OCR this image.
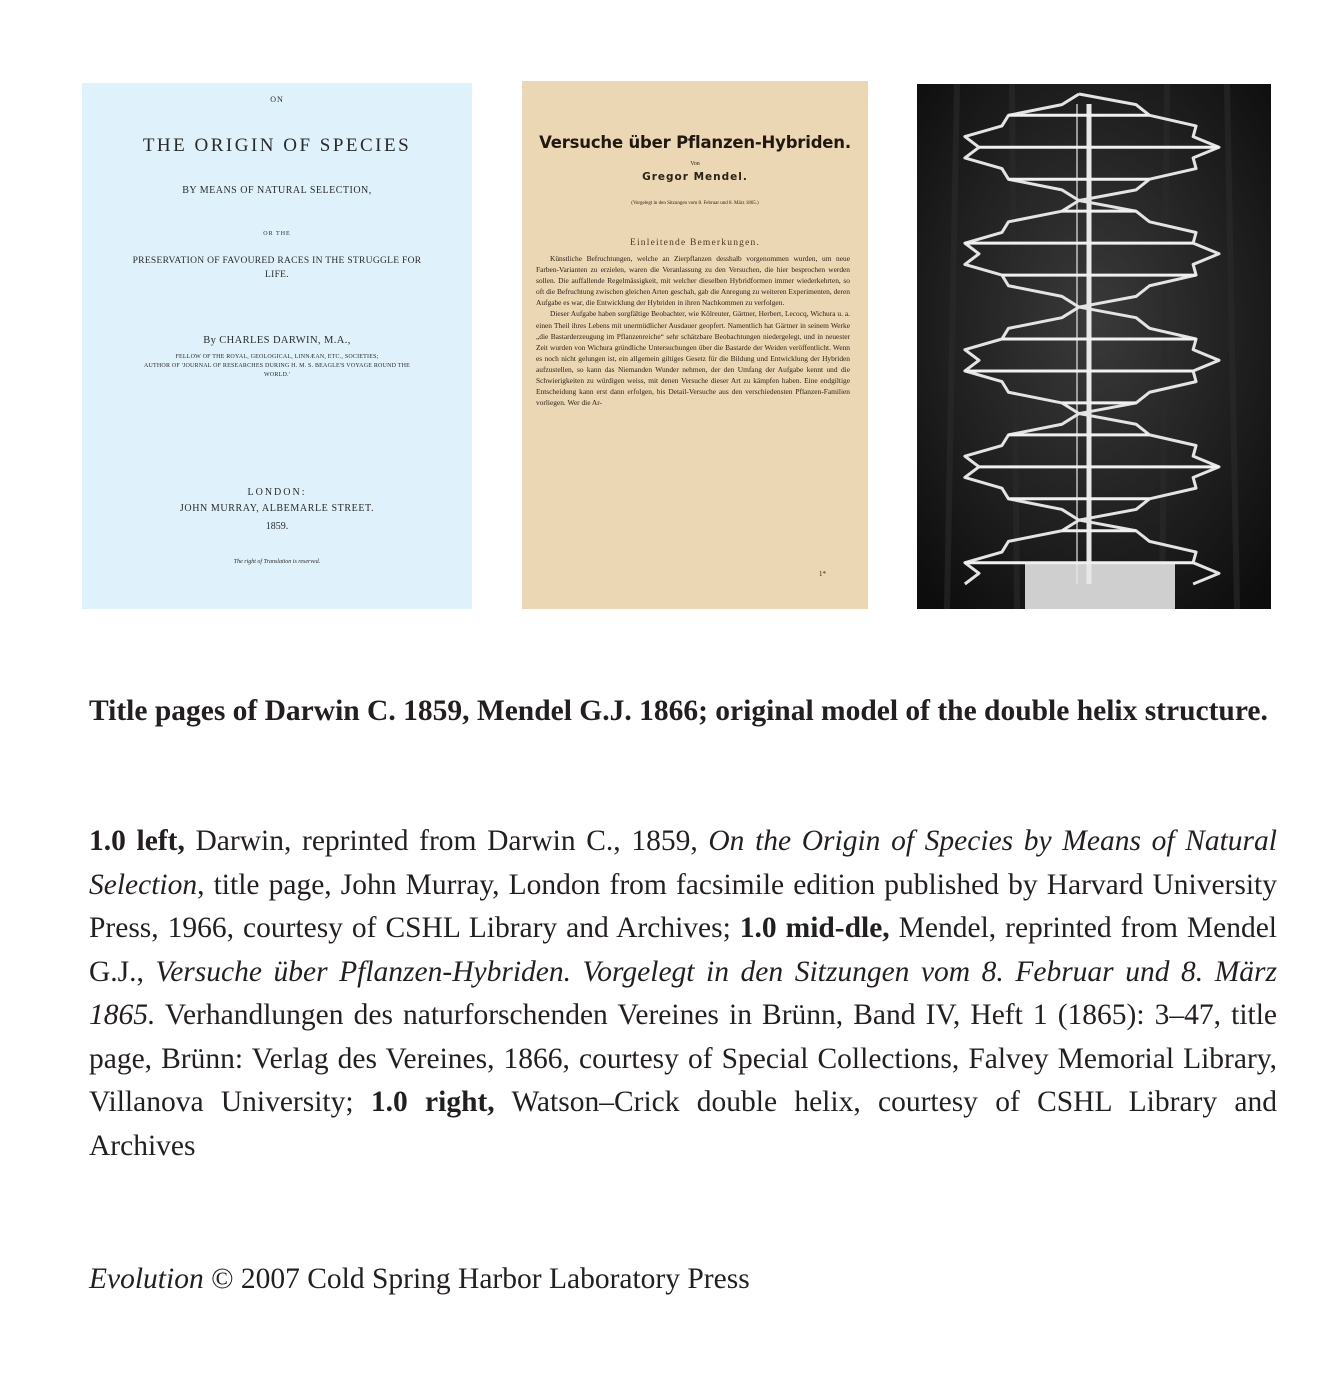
ON
THE ORIGIN OF SPECIES
BY MEANS OF NATURAL SELECTION,
OR THE
PRESERVATION OF FAVOURED RACES IN THE STRUGGLE FOR LIFE.
By CHARLES DARWIN, M.A.,
FELLOW OF THE ROYAL, GEOLOGICAL, LINNÆAN, ETC., SOCIETIES;
AUTHOR OF 'JOURNAL OF RESEARCHES DURING H. M. S. BEAGLE'S VOYAGE ROUND THE WORLD.'
LONDON:
JOHN MURRAY, ALBEMARLE STREET.
1859.
The right of Translation is reserved.
Versuche über Pflanzen-Hybriden.
Von
Gregor Mendel.
(Vorgelegt in den Sitzungen vom 8. Februar und 8. März 1865.)
Einleitende Bemerkungen.

Künstliche Befruchtungen, welche an Zierpflanzen desshalb vorgenommen wurden, um neue Farben-Varianten zu erzielen, waren die Veranlassung zu den Versuchen, die hier besprochen werden sollen. Die auffallende Regelmässigkeit, mit welcher dieselben Hybridformen immer wiederkehrten, so oft die Befruchtung zwischen gleichen Arten geschah, gab die Anregung zu weiteren Experimenten, deren Aufgabe es war, die Entwicklung der Hybriden in ihren Nachkommen zu verfolgen.

Dieser Aufgabe haben sorgfältige Beobachter, wie Kölreuter, Gärtner, Herbert, Lecocq, Wichura u. a. einen Theil ihres Lebens mit unermüdlicher Ausdauer geopfert. Namentlich hat Gärtner in seinem Werke „die Bastarderzeugung im Pflanzenreiche“ sehr schätzbare Beobachtungen niedergelegt, und in neuester Zeit wurden von Wichura gründliche Untersuchungen über die Bastarde der Weiden veröffentlicht. Wenn es noch nicht gelungen ist, ein allgemein giltiges Gesetz für die Bildung und Entwicklung der Hybriden aufzustellen, so kann das Niemanden Wunder nehmen, der den Umfang der Aufgabe kennt und die Schwierigkeiten zu würdigen weiss, mit denen Versuche dieser Art zu kämpfen haben. Eine endgiltige Entscheidung kann erst dann erfolgen, bis Detail-Versuche aus den verschiedensten Pflanzen-Familien vorliegen. Wer die Ar-

1*
Title pages of Darwin C. 1859, Mendel G.J. 1866; original model of the double helix structure.
1.0 left, Darwin, reprinted from Darwin C., 1859, On the Origin of Species by Means of Natural Selection, title page, John Murray, London from facsimile edition published by Harvard University Press, 1966, courtesy of CSHL Library and Archives; 1.0 mid-dle, Mendel, reprinted from Mendel G.J., Versuche über Pflanzen-Hybriden. Vorgelegt in den Sitzungen vom 8. Februar und 8. März 1865. Verhandlungen des naturforschenden Vereines in Brünn, Band IV, Heft 1 (1865): 3–47, title page, Brünn: Verlag des Vereines, 1866, courtesy of Special Collections, Falvey Memorial Library, Villanova University; 1.0 right, Watson–Crick double helix, courtesy of CSHL Library and Archives
Evolution © 2007 Cold Spring Harbor Laboratory Press
